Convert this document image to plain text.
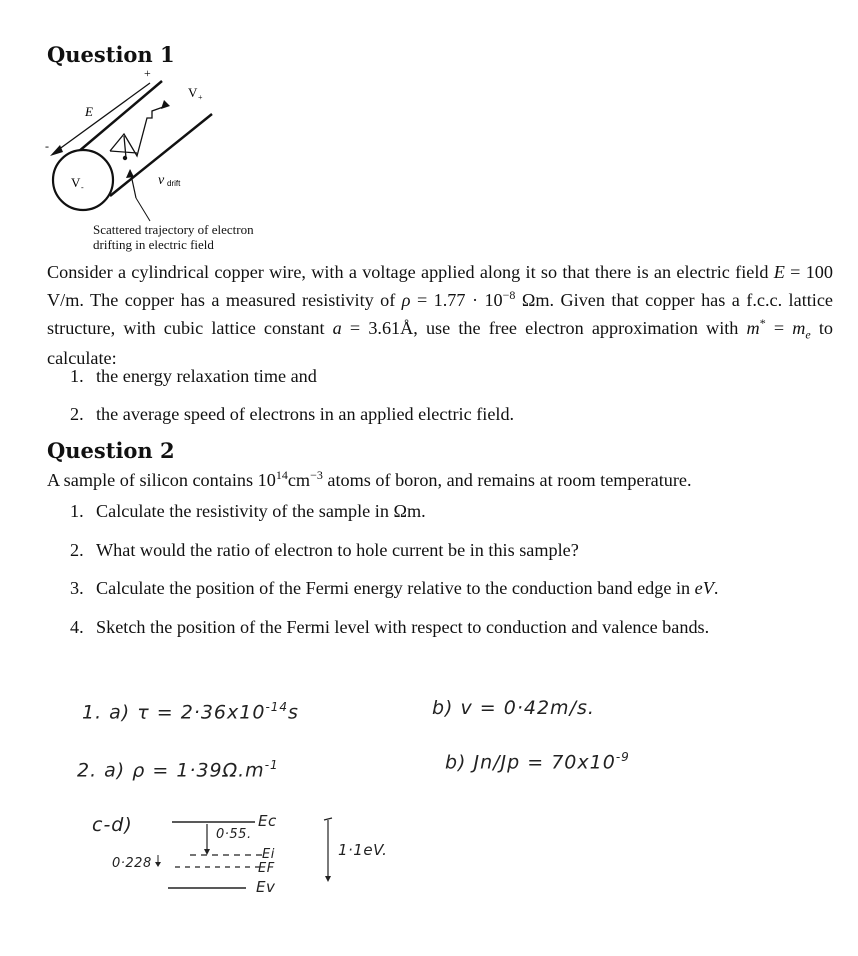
Question 1
+
-
E
V +
V -	v drift

Scattered trajectory of electron

drifting in electric field

Consider a cylindrical copper wire, with a voltage applied along it so that there is an electric field E = 100 V/m. The copper has a measured resistivity of $\rho = 1.77 \cdot 10^{-8}$ Ωm. Given that copper has a f.c.c. lattice structure, with cubic lattice constant a = 3.61Å, use the free electron approximation with $m^* = m_e$ to calculate:

1. the energy relaxation time and

2. the average speed of electrons in an applied electric field.

Question 2

A sample of silicon contains $10^{14}cm^{-3}$ atoms of boron, and remains at room temperature.

1. Calculate the resistivity of the sample in Ωm.

2. What would the ratio of electron to hole current be in this sample?

3. Calculate the position of the Fermi energy relative to the conduction band edge in eV.

4. Sketch the position of the Fermi level with respect to conduction and valence bands.

1. a) $\tau = 2\cdot 36x10^{-14}s$	b) v = 0·42m/s.

2. a) $\rho = 1\cdot 39\Omega.m^{-1}$	b) $Jn/Jp = 70x10^{-9}$

c-d)	Ec

0·55.

Ei

EF

Ev

0·228

1·1eV.
